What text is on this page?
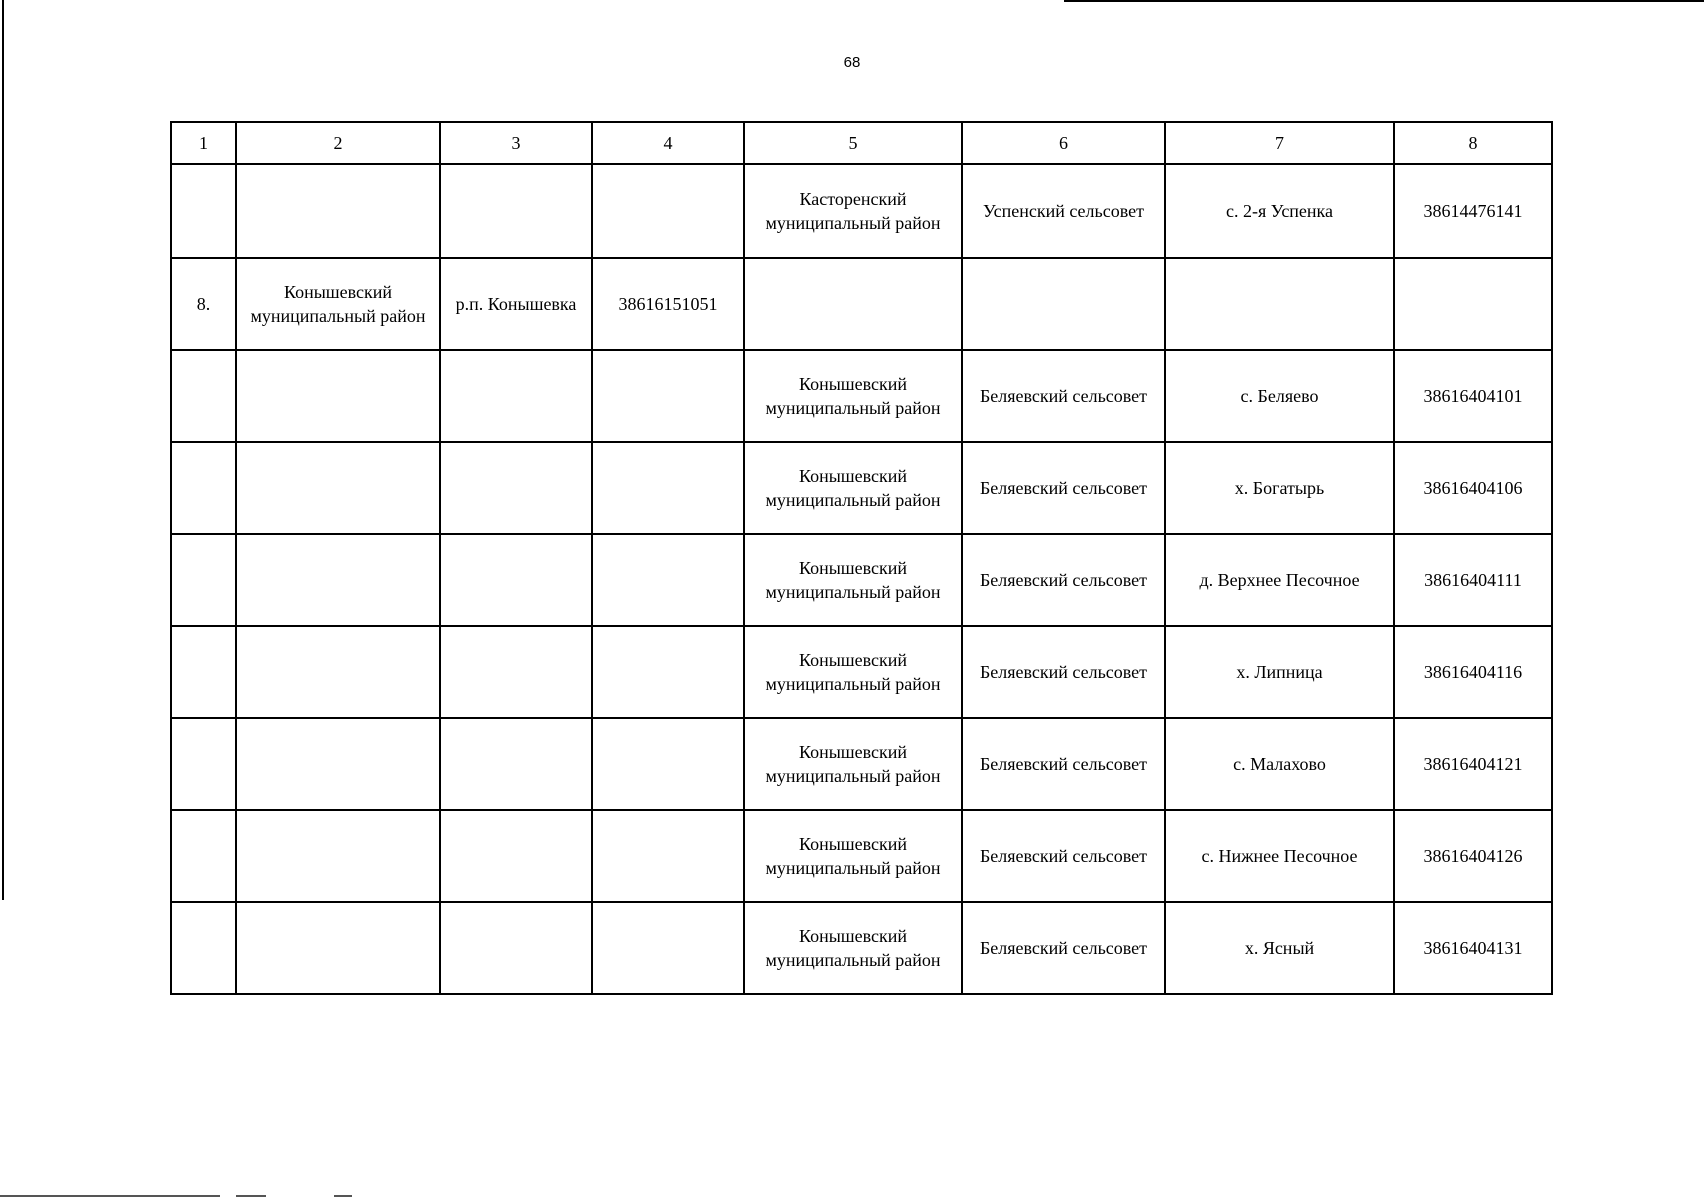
68
1	2	3	4	5	6	7	8
				Касторенский муниципальный район	Успенский сельсовет	с. 2-я Успенка	38614476141
8.	Конышевский муниципальный район	р.п. Конышевка	38616151051				
				Конышевский муниципальный район	Беляевский сельсовет	с. Беляево	38616404101
				Конышевский муниципальный район	Беляевский сельсовет	х. Богатырь	38616404106
				Конышевский муниципальный район	Беляевский сельсовет	д. Верхнее Песочное	38616404111
				Конышевский муниципальный район	Беляевский сельсовет	х. Липница	38616404116
				Конышевский муниципальный район	Беляевский сельсовет	с. Малахово	38616404121
				Конышевский муниципальный район	Беляевский сельсовет	с. Нижнее Песочное	38616404126
				Конышевский муниципальный район	Беляевский сельсовет	х. Ясный	38616404131
